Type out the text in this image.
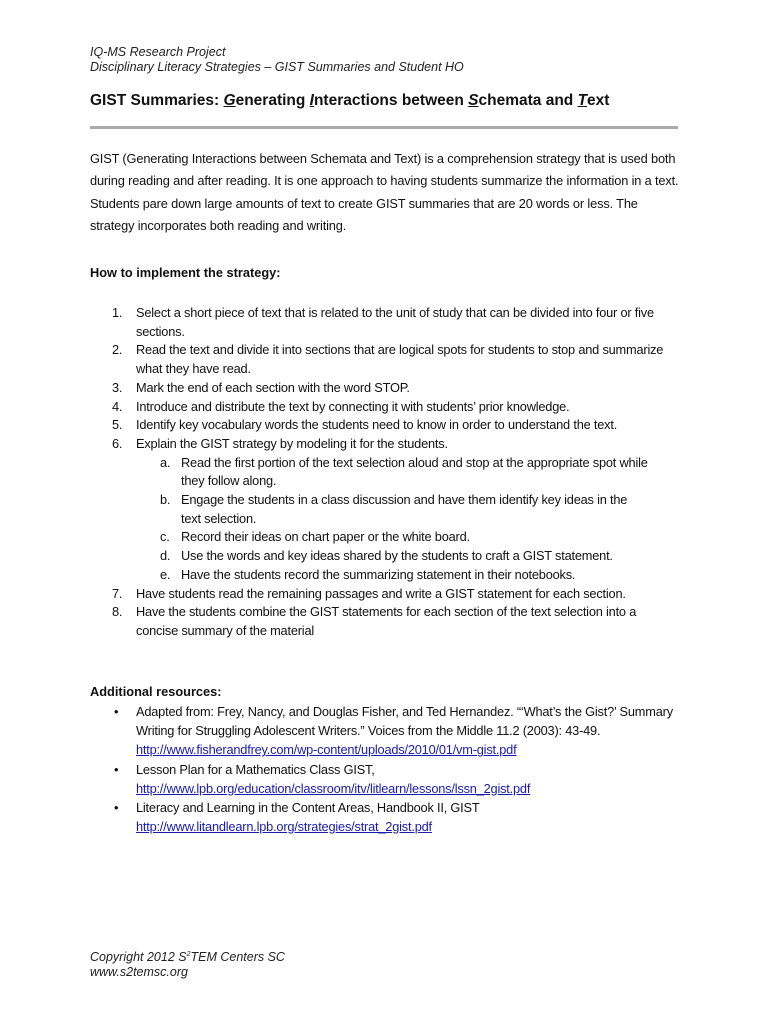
IQ-MS Research Project
Disciplinary Literacy Strategies – GIST Summaries and Student HO
GIST Summaries: Generating Interactions between Schemata and Text
GIST (Generating Interactions between Schemata and Text) is a comprehension strategy that is used both during reading and after reading. It is one approach to having students summarize the information in a text. Students pare down large amounts of text to create GIST summaries that are 20 words or less. The strategy incorporates both reading and writing.
How to implement the strategy:
1. Select a short piece of text that is related to the unit of study that can be divided into four or five sections.
2. Read the text and divide it into sections that are logical spots for students to stop and summarize what they have read.
3. Mark the end of each section with the word STOP.
4. Introduce and distribute the text by connecting it with students’ prior knowledge.
5. Identify key vocabulary words the students need to know in order to understand the text.
6. Explain the GIST strategy by modeling it for the students.
a. Read the first portion of the text selection aloud and stop at the appropriate spot while they follow along.
b. Engage the students in a class discussion and have them identify key ideas in the text selection.
c. Record their ideas on chart paper or the white board.
d. Use the words and key ideas shared by the students to craft a GIST statement.
e. Have the students record the summarizing statement in their notebooks.
7. Have students read the remaining passages and write a GIST statement for each section.
8. Have the students combine the GIST statements for each section of the text selection into a concise summary of the material
Additional resources:
• Adapted from: Frey, Nancy, and Douglas Fisher, and Ted Hernandez. “‘What’s the Gist?’ Summary Writing for Struggling Adolescent Writers.” Voices from the Middle 11.2 (2003): 43-49.
http://www.fisherandfrey.com/wp-content/uploads/2010/01/vm-gist.pdf
• Lesson Plan for a Mathematics Class GIST,
http://www.lpb.org/education/classroom/itv/litlearn/lessons/lssn_2gist.pdf
• Literacy and Learning in the Content Areas, Handbook II, GIST
http://www.litandlearn.lpb.org/strategies/strat_2gist.pdf
Copyright 2012 $S^2TEM$ Centers SC
www.s2temsc.org
